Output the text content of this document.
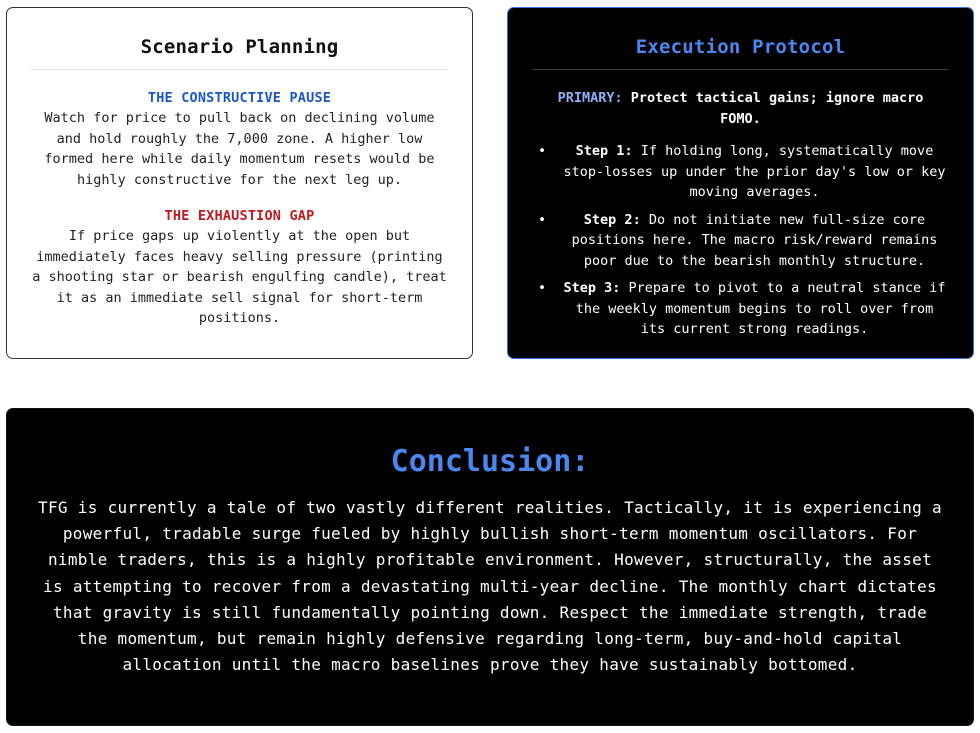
Scenario Planning
THE CONSTRUCTIVE PAUSE
Watch for price to pull back on declining volume and hold roughly the 7,000 zone. A higher low formed here while daily momentum resets would be highly constructive for the next leg up.
THE EXHAUSTION GAP
If price gaps up violently at the open but immediately faces heavy selling pressure (printing a shooting star or bearish engulfing candle), treat it as an immediate sell signal for short-term positions.
Execution Protocol
PRIMARY: Protect tactical gains; ignore macro FOMO.
• Step 1: If holding long, systematically move stop-losses up under the prior day's low or key moving averages.
•	Step 2: Do not initiate new full-size core positions here. The macro risk/reward remains poor due to the bearish monthly structure.
• Step 3: Prepare to pivot to a neutral stance if the weekly momentum begins to roll over from its current strong readings.
Conclusion:
TFG is currently a tale of two vastly different realities. Tactically, it is experiencing a powerful, tradable surge fueled by highly bullish short-term momentum oscillators. For nimble traders, this is a highly profitable environment. However, structurally, the asset is attempting to recover from a devastating multi-year decline. The monthly chart dictates that gravity is still fundamentally pointing down. Respect the immediate strength, trade the momentum, but remain highly defensive regarding long-term, buy-and-hold capital allocation until the macro baselines prove they have sustainably bottomed.
